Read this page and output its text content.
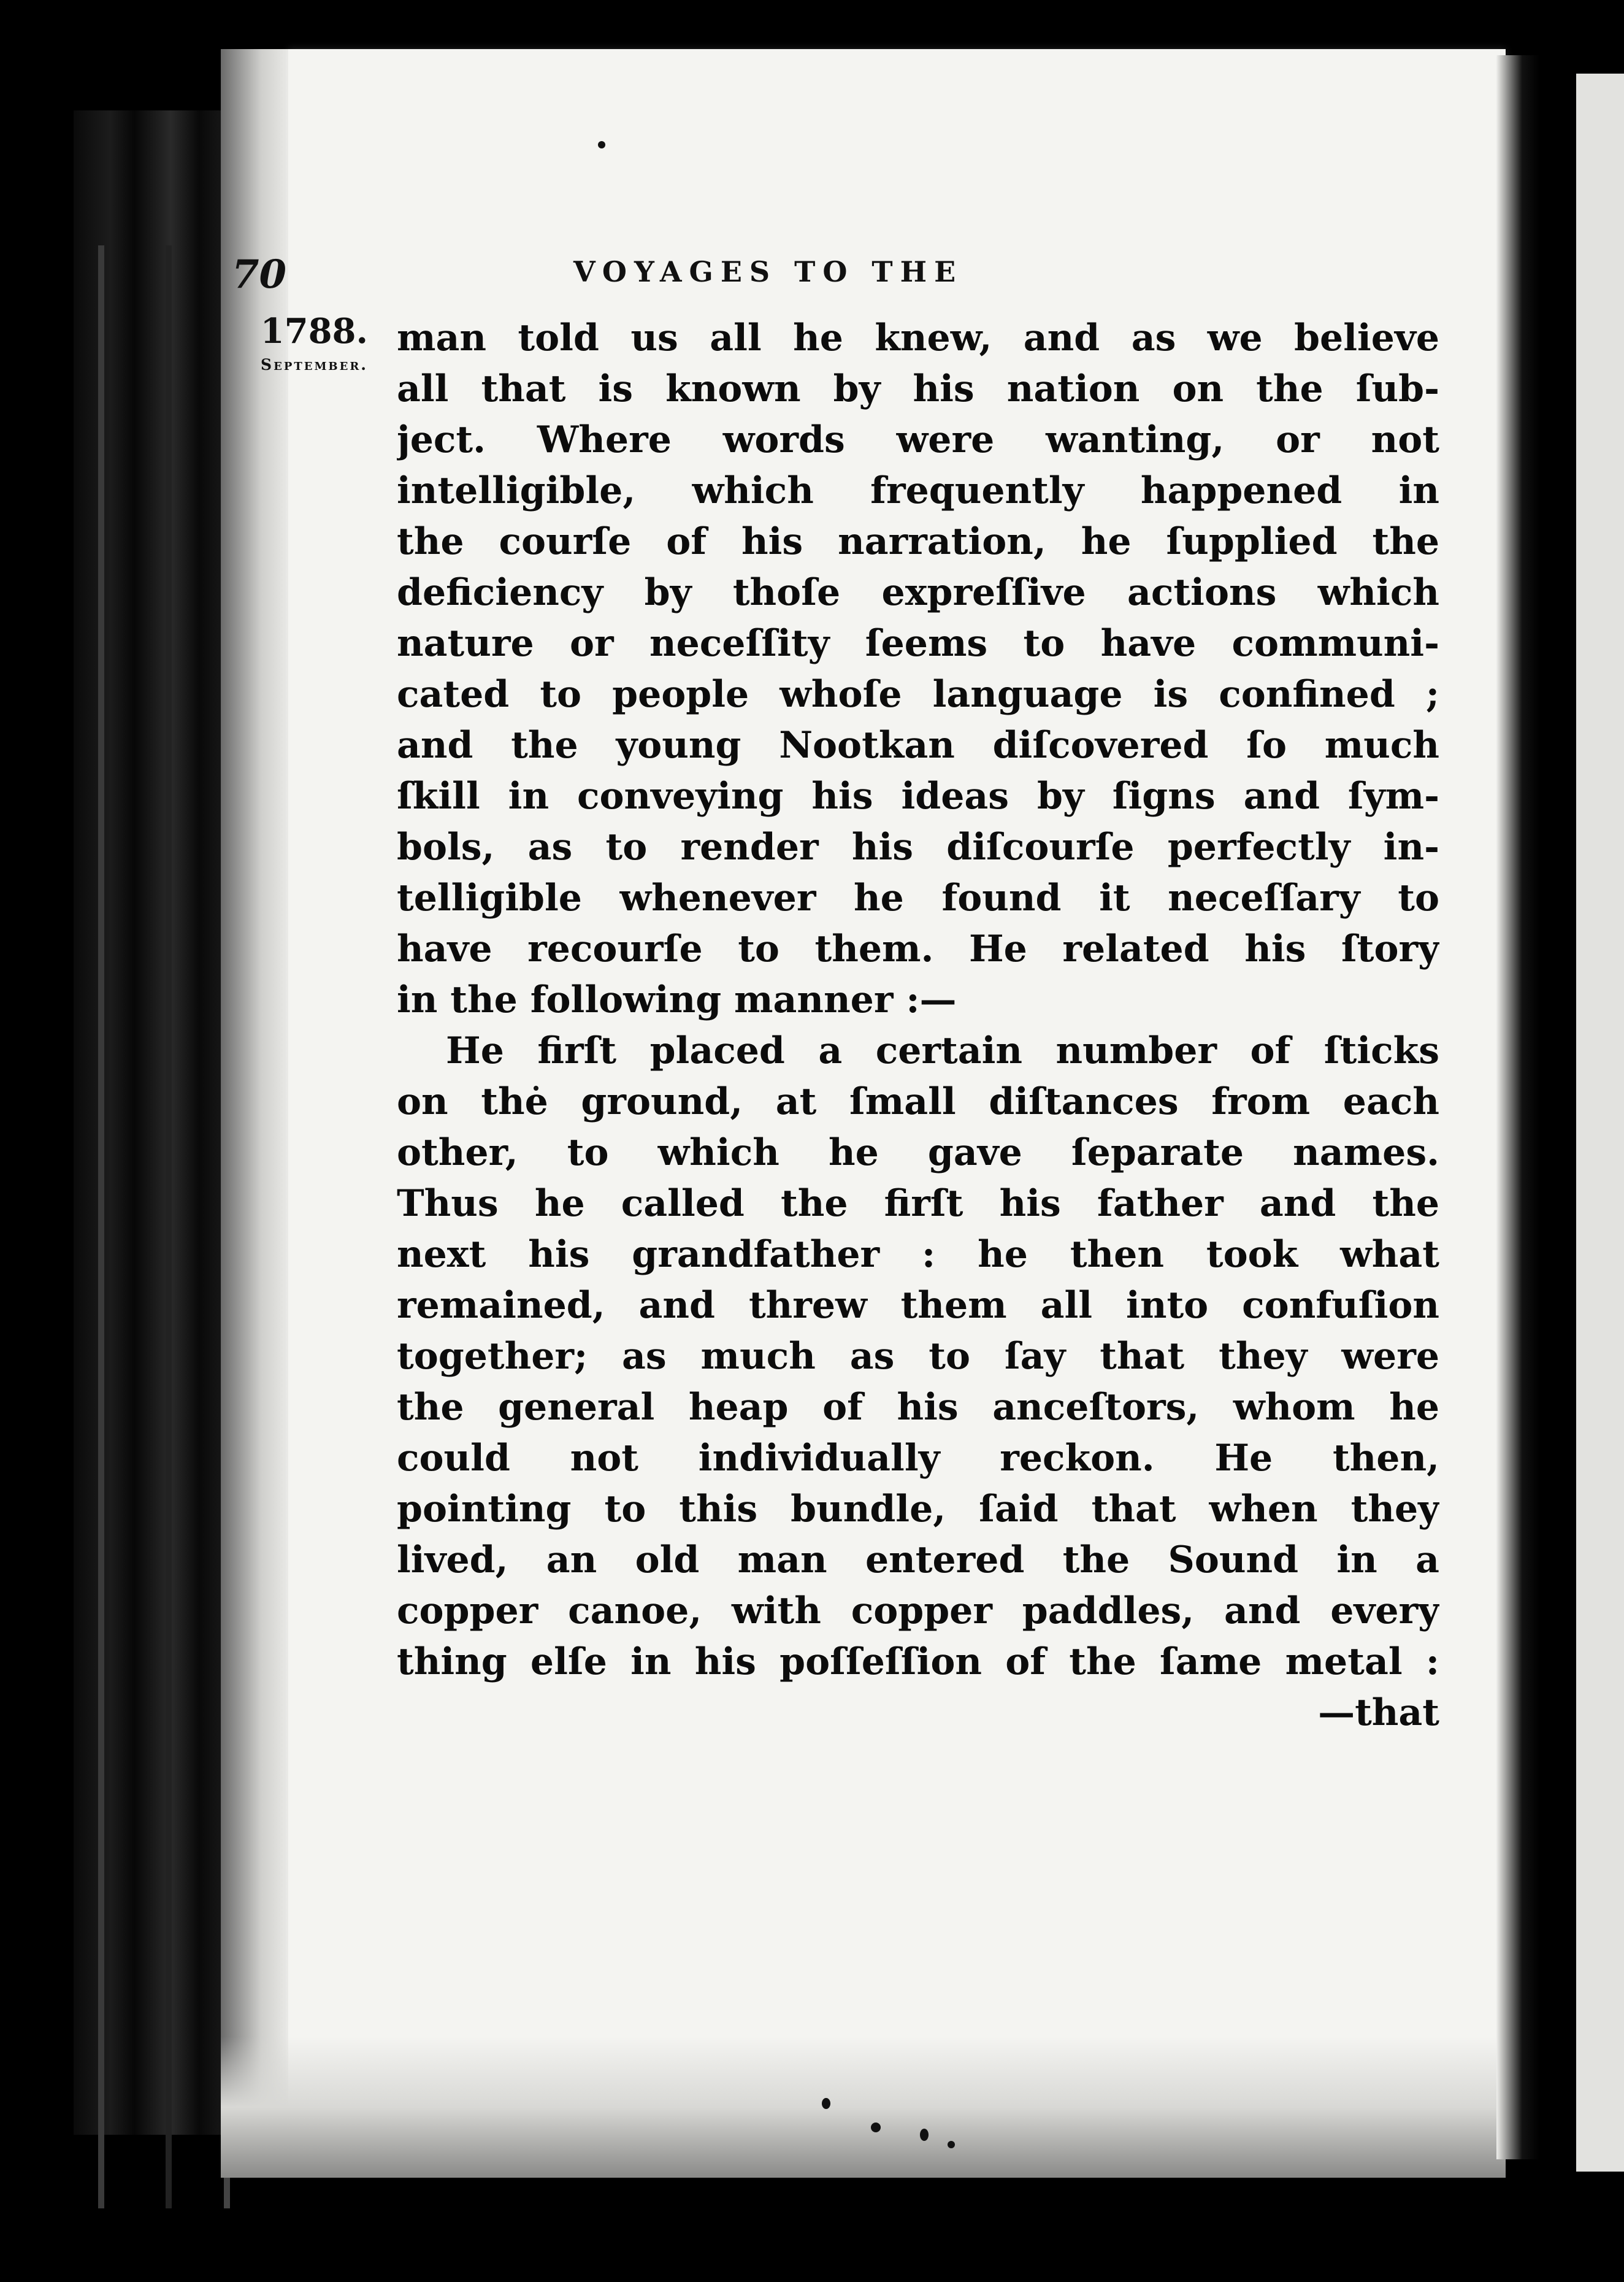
70	VOYAGES TO THE
1788.
September.
man told us all he knew, and as we believe
all that is known by his nation on the ſub-
ject. Where words were wanting, or not
intelligible, which frequently happened in
the courſe of his narration, he ſupplied the
deficiency by thoſe expreſſive actions which
nature or neceſſity ſeems to have communi-
cated to people whoſe language is confined ;
and the young Nootkan diſcovered ſo much
ſkill in conveying his ideas by ſigns and ſym-
bols, as to render his diſcourſe perfectly in-
telligible whenever he found it neceſſary to
have recourſe to them. He related his ſtory
in the following manner :—
He firſt placed a certain number of ſticks
on the ground, at ſmall diſtances from each
other, to which he gave ſeparate names.
Thus he called the firſt his father and the
next his grandfather : he then took what
remained, and threw them all into confuſion
together; as much as to ſay that they were
the general heap of his anceſtors, whom he
could not individually reckon. He then,
pointing to this bundle, ſaid that when they
lived, an old man entered the Sound in a
copper canoe, with copper paddles, and every
thing elſe in his poſſeſſion of the ſame metal :
—that
